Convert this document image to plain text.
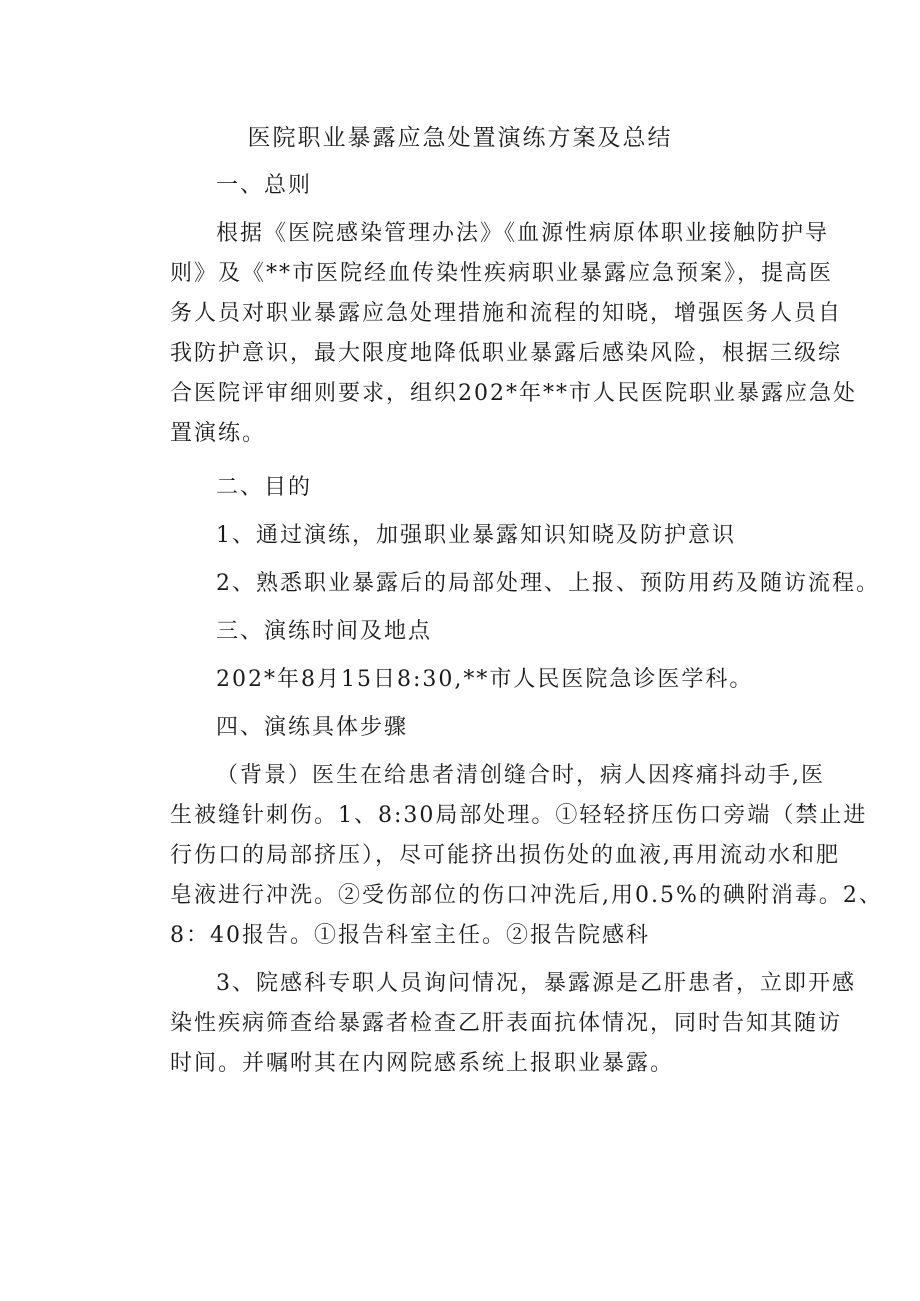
医院职业暴露应急处置演练方案及总结
一、总则
根据《医院感染管理办法》《血源性病原体职业接触防护导
则》及《**市医院经血传染性疾病职业暴露应急预案》，提高医
务人员对职业暴露应急处理措施和流程的知晓，增强医务人员自
我防护意识，最大限度地降低职业暴露后感染风险，根据三级综
合医院评审细则要求，组织202*年**市人民医院职业暴露应急处
置演练。
二、目的
1、通过演练，加强职业暴露知识知晓及防护意识
2、熟悉职业暴露后的局部处理、上报、预防用药及随访流程。
三、演练时间及地点
202*年8月15日8:30,**市人民医院急诊医学科。
四、演练具体步骤
（背景）医生在给患者清创缝合时，病人因疼痛抖动手,医
生被缝针刺伤。1、8:30局部处理。①轻轻挤压伤口旁端（禁止进
行伤口的局部挤压），尽可能挤出损伤处的血液,再用流动水和肥
皂液进行冲洗。②受伤部位的伤口冲洗后,用0.5%的碘附消毒。2、
8：40报告。①报告科室主任。②报告院感科
3、院感科专职人员询问情况，暴露源是乙肝患者，立即开感
染性疾病筛查给暴露者检查乙肝表面抗体情况，同时告知其随访
时间。并嘱咐其在内网院感系统上报职业暴露。
